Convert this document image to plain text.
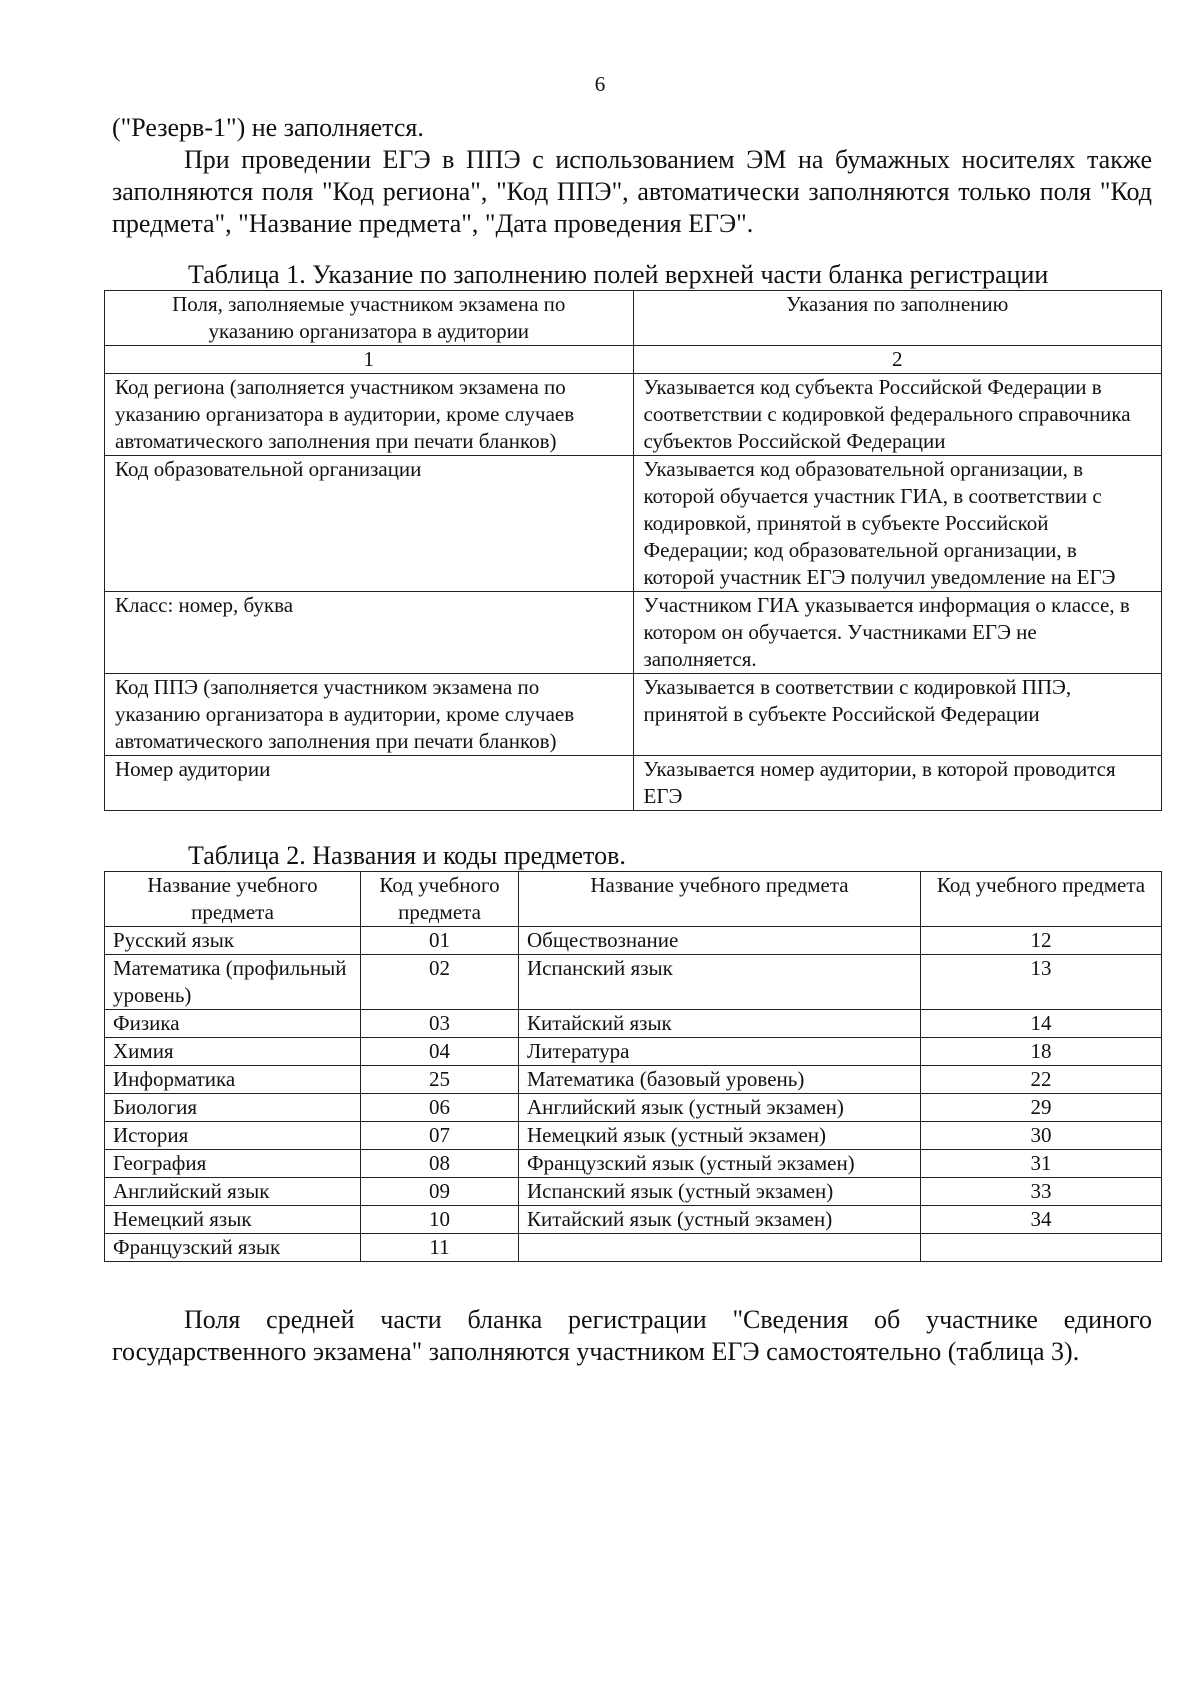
6

("Резерв-1") не заполняется.

При проведении ЕГЭ в ППЭ с использованием ЭМ на бумажных носителях также заполняются поля "Код региона", "Код ППЭ", автоматически заполняются только поля "Код предмета", "Название предмета", "Дата проведения ЕГЭ".

Таблица 1. Указание по заполнению полей верхней части бланка регистрации
Поля, заполняемые участником экзамена по указанию организатора в аудитории	Указания по заполнению
1	2
Код региона (заполняется участником экзамена по указанию организатора в аудитории, кроме случаев автоматического заполнения при печати бланков)	Указывается код субъекта Российской Федерации в соответствии с кодировкой федерального справочника субъектов Российской Федерации
Код образовательной организации	Указывается код образовательной организации, в которой обучается участник ГИА, в соответствии с кодировкой, принятой в субъекте Российской Федерации; код образовательной организации, в которой участник ЕГЭ получил уведомление на ЕГЭ
Класс: номер, буква	Участником ГИА указывается информация о классе, в котором он обучается. Участниками ЕГЭ не заполняется.
Код ППЭ (заполняется участником экзамена по указанию организатора в аудитории, кроме случаев автоматического заполнения при печати бланков)	Указывается в соответствии с кодировкой ППЭ, принятой в субъекте Российской Федерации
Номер аудитории	Указывается номер аудитории, в которой проводится ЕГЭ
Таблица 2. Названия и коды предметов.
Название учебного предмета	Код учебного предмета	Название учебного предмета	Код учебного предмета
Русский язык	01	Обществознание	12
Математика (профильный уровень)	02	Испанский язык	13
Физика	03	Китайский язык	14
Химия	04	Литература	18
Информатика	25	Математика (базовый уровень)	22
Биология	06	Английский язык (устный экзамен)	29
История	07	Немецкий язык (устный экзамен)	30
География	08	Французский язык (устный экзамен)	31
Английский язык	09	Испанский язык (устный экзамен)	33
Немецкий язык	10	Китайский язык (устный экзамен)	34
Французский язык	11		

Поля средней части бланка регистрации "Сведения об участнике единого государственного экзамена" заполняются участником ЕГЭ самостоятельно (таблица 3).
